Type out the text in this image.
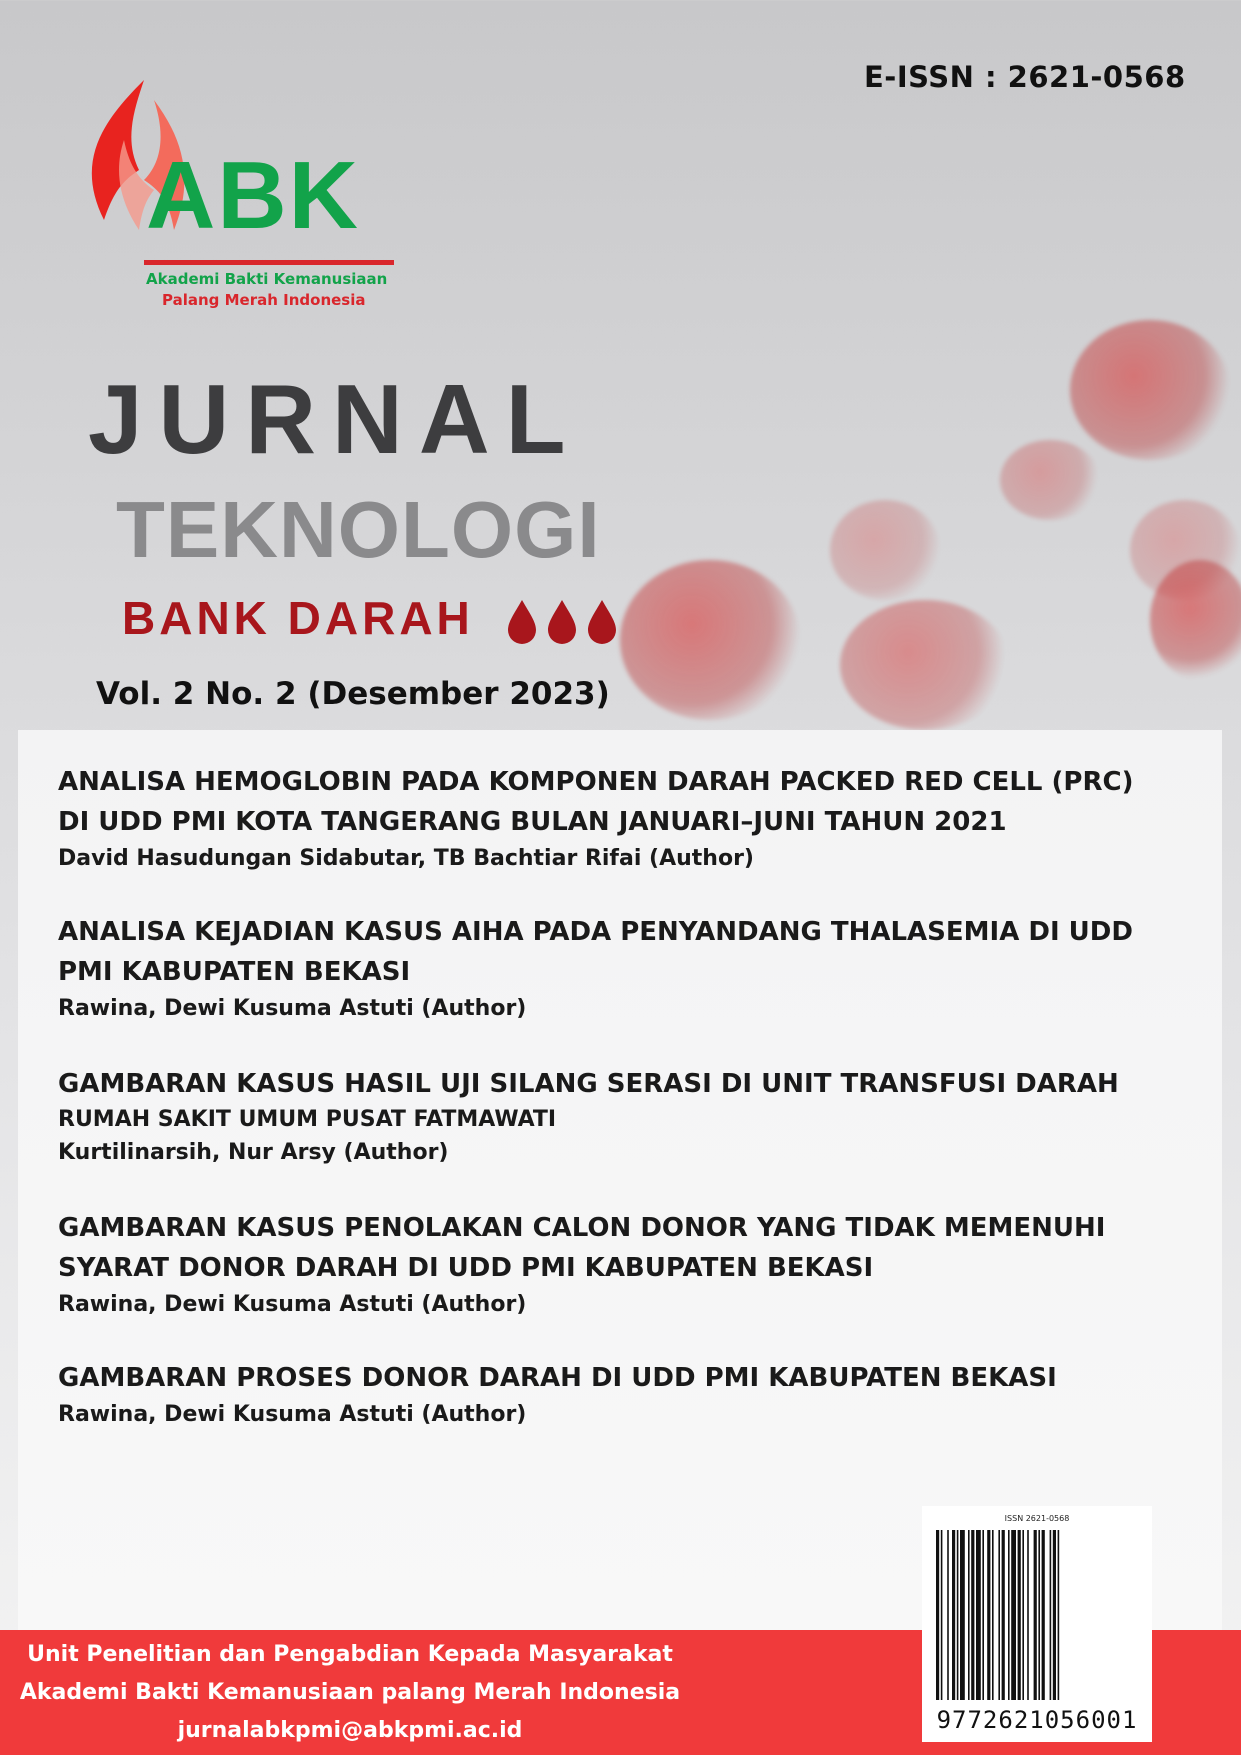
E-ISSN : 2621-0568
ABK
Akademi Bakti Kemanusiaan
Palang Merah Indonesia
JURNAL
TEKNOLOGI
BANK DARAH
Vol. 2 No. 2 (Desember 2023)
ANALISA HEMOGLOBIN PADA KOMPONEN DARAH PACKED RED CELL (PRC)
DI UDD PMI KOTA TANGERANG BULAN JANUARI–JUNI TAHUN 2021
David Hasudungan Sidabutar, TB Bachtiar Rifai (Author)
ANALISA KEJADIAN KASUS AIHA PADA PENYANDANG THALASEMIA DI UDD
PMI KABUPATEN BEKASI
Rawina, Dewi Kusuma Astuti (Author)
GAMBARAN KASUS HASIL UJI SILANG SERASI DI UNIT TRANSFUSI DARAH
RUMAH SAKIT UMUM PUSAT FATMAWATI
Kurtilinarsih, Nur Arsy (Author)
GAMBARAN KASUS PENOLAKAN CALON DONOR YANG TIDAK MEMENUHI
SYARAT DONOR DARAH DI UDD PMI KABUPATEN BEKASI
Rawina, Dewi Kusuma Astuti (Author)
GAMBARAN PROSES DONOR DARAH DI UDD PMI KABUPATEN BEKASI
Rawina, Dewi Kusuma Astuti (Author)
Unit Penelitian dan Pengabdian Kepada Masyarakat
Akademi Bakti Kemanusiaan palang Merah Indonesia
jurnalabkpmi@abkpmi.ac.id
ISSN 2621-0568
9772621056001
